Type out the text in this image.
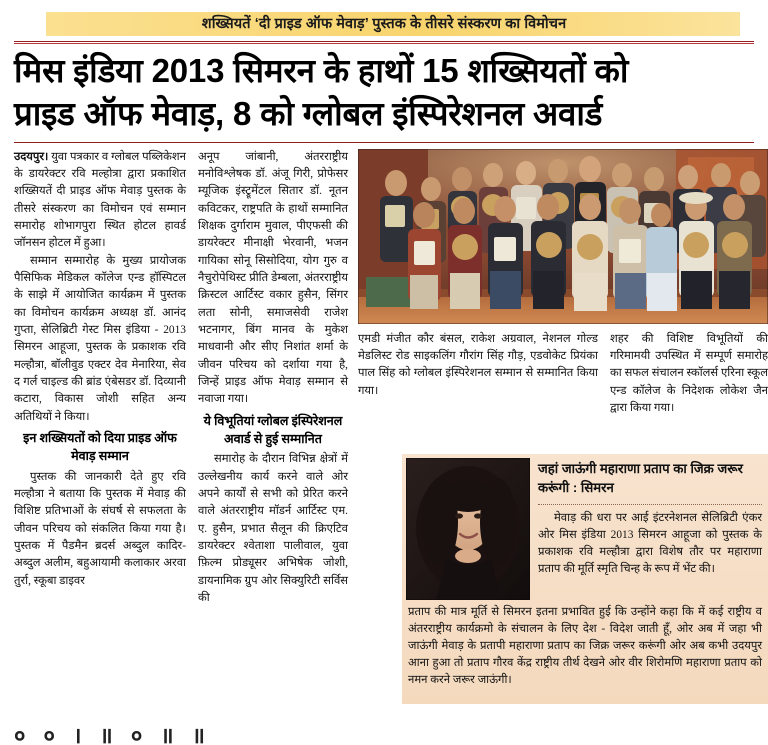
शख्सियतें ‘दी प्राइड ऑफ मेवाड़’ पुस्तक के तीसरे संस्करण का विमोचन
मिस इंडिया 2013 सिमरन के हाथों 15 शख्सियतों को
प्राइड ऑफ मेवाड़, 8 को ग्लोबल इंस्पिरेशनल अवार्ड

उदयपुर। युवा पत्रकार व ग्लोबल पब्लिकेशन के डायरेक्टर रवि मल्होत्रा द्वारा प्रकाशित शख्सियतें दी प्राइड ऑफ मेवाड़ पुस्तक के तीसरे संस्करण का विमोचन एवं सम्मान समारोह शोभागपुरा स्थित होटल हावर्ड जॉनसन होटल में हुआ।

सम्मान सम्मारोह के मुख्य प्रायोजक पैसिफिक मेडिकल कॉलेज एन्ड हॉस्पिटल के साझे में आयोजित कार्यक्रम में पुस्तक का विमोचन कार्यक्रम अध्यक्ष डॉ. आनंद गुप्ता, सेलिब्रिटी गेस्ट मिस इंडिया - 2013 सिमरन आहूजा, पुस्तक के प्रकाशक रवि मल्हौत्रा, बॉलीवुड एक्टर देव मेनारिया, सेव द गर्ल चाइल्ड की ब्रांड एंबेसडर डॉ. दिव्यानी कटारा, विकास जोशी सहित अन्य अतिथियों ने किया।

इन शख्सियतों को दिया प्राइड ऑफ मेवाड़ सम्मान

पुस्तक की जानकारी देते हुए रवि मल्हौत्रा ने बताया कि पुस्तक में मेवाड़ की विशिष्ट प्रतिभाओं के संघर्ष से सफलता के जीवन परिचय को संकलित किया गया है। पुस्तक में पैडमैन ब्रदर्स अब्दुल कादिर-अब्दुल अलीम, बहुआयामी कलाकार अरवा तुर्रा, स्कूबा डाइवर

अनूप जांबानी, अंतरराष्ट्रीय मनोविश्लेषक डॉ. अंजू गिरी, प्रोफेसर म्यूजिक इंस्ट्रूमेंटल सितार डॉ. नूतन कविटकर, राष्ट्रपति के हाथों सम्मानित शिक्षक दुर्गाराम मुवाल, पीएफसी की डायरेक्टर मीनाक्षी भेरवानी, भजन गायिका सोनू सिसोदिया, योग गुरु व नैचुरोपेथिस्ट प्रीति डेम्बला, अंतरराष्ट्रीय क्रिस्टल आर्टिस्ट वकार हुसैन, सिंगर लता सोनी, समाजसेवी राजेश भटनागर, बिंग मानव के मुकेश माधवानी और सीए निशांत शर्मा के जीवन परिचय को दर्शाया गया है, जिन्हें प्राइड ऑफ मेवाड़ सम्मान से नवाजा गया।

ये विभूतियां ग्लोबल इंस्पिरेशनल अवार्ड से हुई सम्मानित

समारोह के दौरान विभिन्न क्षेत्रों में उल्लेखनीय कार्य करने वाले ओर अपने कार्यों से सभी को प्रेरित करने वाले अंतरराष्ट्रीय मॉडर्न आर्टिस्ट एम. ए. हुसैन, प्रभात सैलून की क्रिएटिव डायरेक्टर श्वेताशा पालीवाल, युवा फ़िल्म प्रोड्यूसर अभिषेक जोशी, डायनामिक ग्रुप ओर सिक्युरिटी सर्विस की

एमडी मंजीत कौर बंसल, राकेश अग्रवाल, नेशनल गोल्ड मेडलिस्ट रोड साइकलिंग गौरांग सिंह गौड़, एडवोकेट प्रियंका पाल सिंह को ग्लोबल इंस्पिरेशनल सम्मान से सम्मानित किया गया।

शहर की विशिष्ट विभूतियों की गरिमामयी उपस्थित में सम्पूर्ण समारोह का सफल संचालन स्कॉलर्स एरिना स्कूल एन्ड कॉलेज के निदेशक लोकेश जैन द्वारा किया गया।

जहां जाऊंगी महाराणा प्रताप का जिक्र जरूर करूंगी : सिमरन

मेवाड़ की धरा पर आई इंटरनेशनल सेलिब्रिटी एंकर ओर मिस इंडिया 2013 सिमरन आहूजा को पुस्तक के प्रकाशक रवि मल्हौत्रा द्वारा विशेष तौर पर महाराणा प्रताप की मूर्ति स्मृति चिन्ह के रूप में भेंट की।

प्रताप की मात्र मूर्ति से सिमरन इतना प्रभावित हुई कि उन्होंने कहा कि में कई राष्ट्रीय व अंतरराष्ट्रीय कार्यक्रमो के संचालन के लिए देश - विदेश जाती हूँ, ओर अब में जहा भी जाऊंगी मेवाड़ के प्रतापी महाराणा प्रताप का जिक्र जरूर करूंगी ओर अब कभी उदयपुर आना हुआ तो प्रताप गौरव केंद्र राष्ट्रीय तीर्थ देखने ओर वीर शिरोमणि महाराणा प्रताप को नमन करने जरूर जाऊंगी।

० ० । ॥ ० ॥ ॥
